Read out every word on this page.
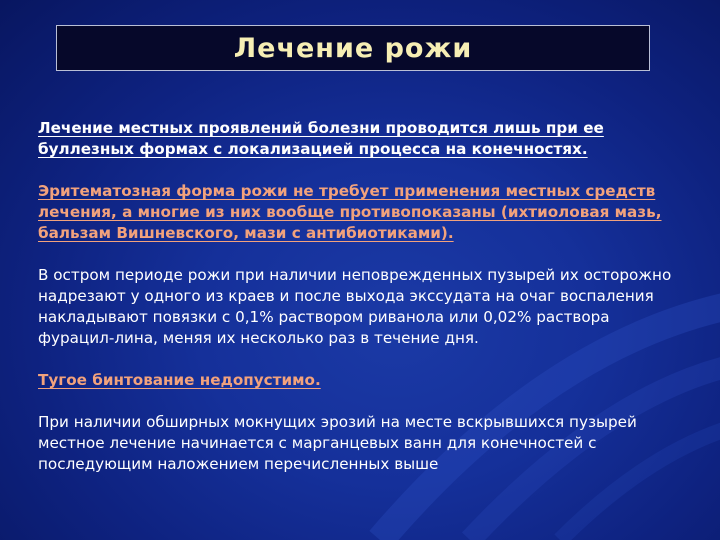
Лечение рожи

Лечение местных проявлений болезни проводится лишь при ее буллезных формах с локализацией процесса на конечностях.

Эритематозная форма рожи не требует применения местных средств лечения, а многие из них вообще противопоказаны (ихтиоловая мазь, бальзам Вишневского, мази с антибиотиками).

В остром периоде рожи при наличии неповрежденных пузырей их осторожно надрезают у одного из краев и после выхода экссудата на очаг воспаления накладывают повязки с 0,1% раствором риванола или 0,02% раствора фурацил-лина, меняя их несколько раз в течение дня.

Тугое бинтование недопустимо.

При наличии обширных мокнущих эрозий на месте вскрывшихся пузырей местное лечение начинается с марганцевых ванн для конечностей с последующим наложением перечисленных выше
